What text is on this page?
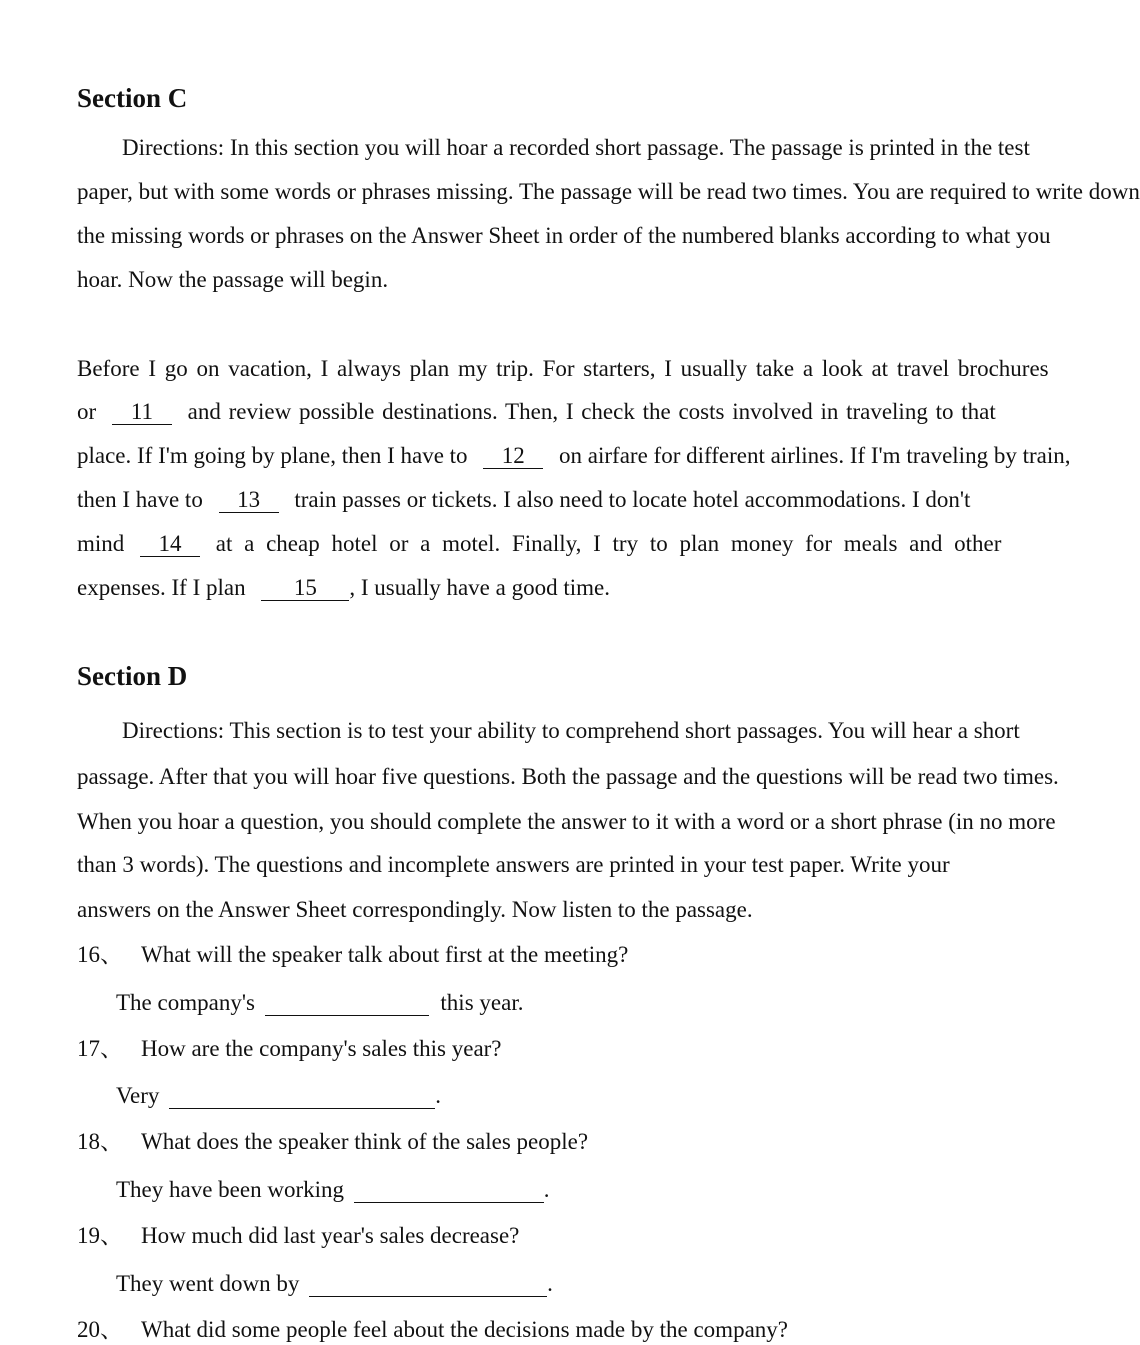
Section C
Directions: In this section you will hoar a recorded short passage. The passage is printed in the test
paper, but with some words or phrases missing. The passage will be read two times. You are required to write down
the missing words or phrases on the Answer Sheet in order of the numbered blanks according to what you
hoar. Now the passage will begin.
Before I go on vacation, I always plan my trip. For starters, I usually take a look at travel brochures
or 11 and review possible destinations. Then, I check the costs involved in traveling to that
place. If I'm going by plane, then I have to 12 on airfare for different airlines. If I'm traveling by train,
then I have to 13 train passes or tickets. I also need to locate hotel accommodations. I don't
mind 14 at a cheap hotel or a motel. Finally, I try to plan money for meals and other
expenses. If I plan 15 , I usually have a good time.
Section D
Directions: This section is to test your ability to comprehend short passages. You will hear a short
passage. After that you will hoar five questions. Both the passage and the questions will be read two times.
When you hoar a question, you should complete the answer to it with a word or a short phrase (in no more
than 3 words). The questions and incomplete answers are printed in your test paper. Write your
answers on the Answer Sheet correspondingly. Now listen to the passage.
16、 What will the speaker talk about first at the meeting?
The company's	this year.
17、 How are the company's sales this year?
Very	.
18、 What does the speaker think of the sales people?
They have been working	.
19、 How much did last year's sales decrease?
They went down by	.
20、 What did some people feel about the decisions made by the company?
